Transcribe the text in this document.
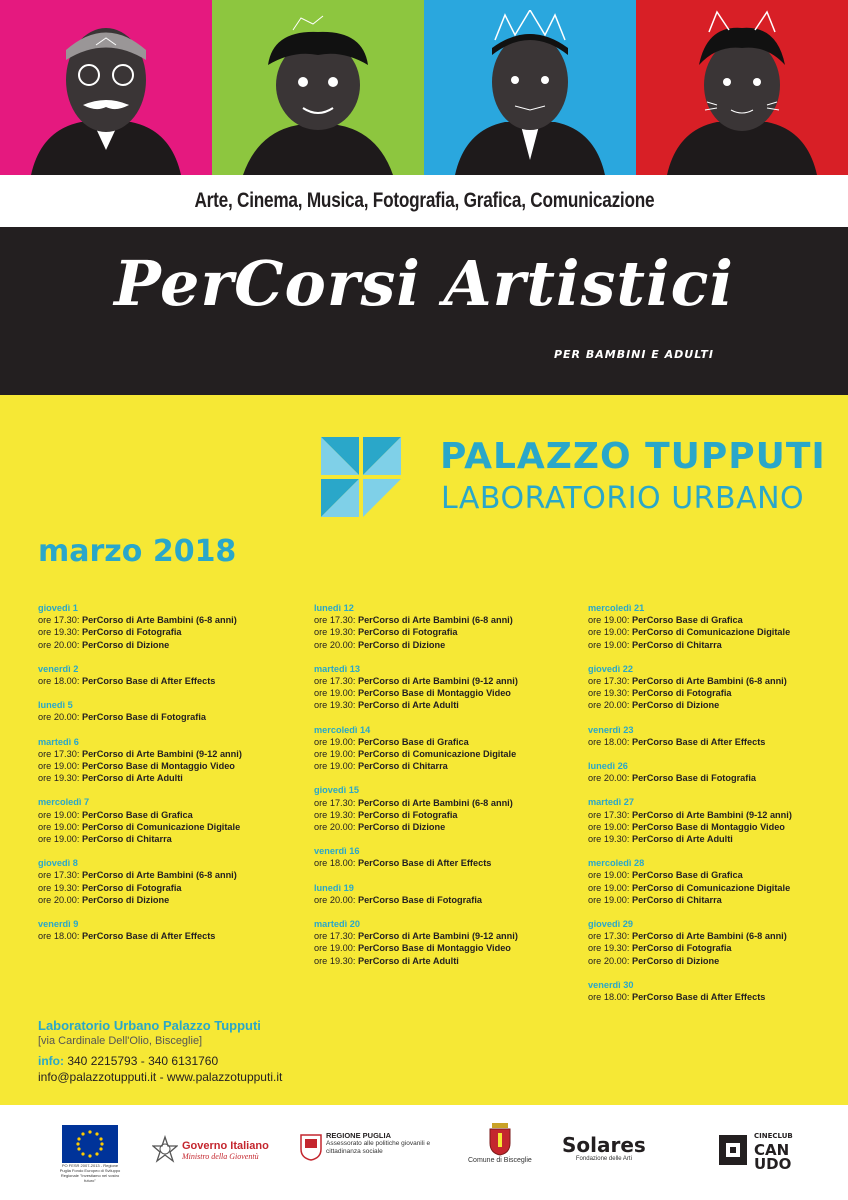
Arte, Cinema, Musica, Fotografia, Grafica, Comunicazione
PerCorsi Artistici
PER BAMBINI E ADULTI
PALAZZO TUPPUTI
LABORATORIO URBANO
marzo 2018
giovedì 1
ore 17.30: PerCorso di Arte Bambini (6-8 anni)
ore 19.30: PerCorso di Fotografia
ore 20.00: PerCorso di Dizione
venerdì 2
ore 18.00: PerCorso Base di After Effects
lunedì 5
ore 20.00: PerCorso Base di Fotografia
martedì 6
ore 17.30: PerCorso di Arte Bambini (9-12 anni)
ore 19.00: PerCorso Base di Montaggio Video
ore 19.30: PerCorso di Arte Adulti
mercoledì 7
ore 19.00: PerCorso Base di Grafica
ore 19.00: PerCorso di Comunicazione Digitale
ore 19.00: PerCorso di Chitarra
giovedì 8
ore 17.30: PerCorso di Arte Bambini (6-8 anni)
ore 19.30: PerCorso di Fotografia
ore 20.00: PerCorso di Dizione
venerdì 9
ore 18.00: PerCorso Base di After Effects
lunedì 12
ore 17.30: PerCorso di Arte Bambini (6-8 anni)
ore 19.30: PerCorso di Fotografia
ore 20.00: PerCorso di Dizione
martedì 13
ore 17.30: PerCorso di Arte Bambini (9-12 anni)
ore 19.00: PerCorso Base di Montaggio Video
ore 19.30: PerCorso di Arte Adulti
mercoledì 14
ore 19.00: PerCorso Base di Grafica
ore 19.00: PerCorso di Comunicazione Digitale
ore 19.00: PerCorso di Chitarra
giovedì 15
ore 17.30: PerCorso di Arte Bambini (6-8 anni)
ore 19.30: PerCorso di Fotografia
ore 20.00: PerCorso di Dizione
venerdì 16
ore 18.00: PerCorso Base di After Effects
lunedì 19
ore 20.00: PerCorso Base di Fotografia
martedì 20
ore 17.30: PerCorso di Arte Bambini (9-12 anni)
ore 19.00: PerCorso Base di Montaggio Video
ore 19.30: PerCorso di Arte Adulti
mercoledì 21
ore 19.00: PerCorso Base di Grafica
ore 19.00: PerCorso di Comunicazione Digitale
ore 19.00: PerCorso di Chitarra
giovedì 22
ore 17.30: PerCorso di Arte Bambini (6-8 anni)
ore 19.30: PerCorso di Fotografia
ore 20.00: PerCorso di Dizione
venerdì 23
ore 18.00: PerCorso Base di After Effects
lunedì 26
ore 20.00: PerCorso Base di Fotografia
martedì 27
ore 17.30: PerCorso di Arte Bambini (9-12 anni)
ore 19.00: PerCorso Base di Montaggio Video
ore 19.30: PerCorso di Arte Adulti
mercoledì 28
ore 19.00: PerCorso Base di Grafica
ore 19.00: PerCorso di Comunicazione Digitale
ore 19.00: PerCorso di Chitarra
giovedì 29
ore 17.30: PerCorso di Arte Bambini (6-8 anni)
ore 19.30: PerCorso di Fotografia
ore 20.00: PerCorso di Dizione
venerdì 30
ore 18.00: PerCorso Base di After Effects
Laboratorio Urbano Palazzo Tupputi
[via Cardinale Dell'Olio, Bisceglie]
info: 340 2215793 - 340 6131760
info@palazzotupputi.it - www.palazzotupputi.it
PO FESR 2007-2013 - Regione Puglia Fondo Europeo di Sviluppo Regionale "Investiamo nel vostro futuro"
Governo Italiano
Ministro della Gioventù
REGIONE PUGLIA
Assessorato alle politiche giovanili e cittadinanza sociale
Comune di Bisceglie
Solares
Fondazione delle Arti
CINECLUB
CAN
UDO
